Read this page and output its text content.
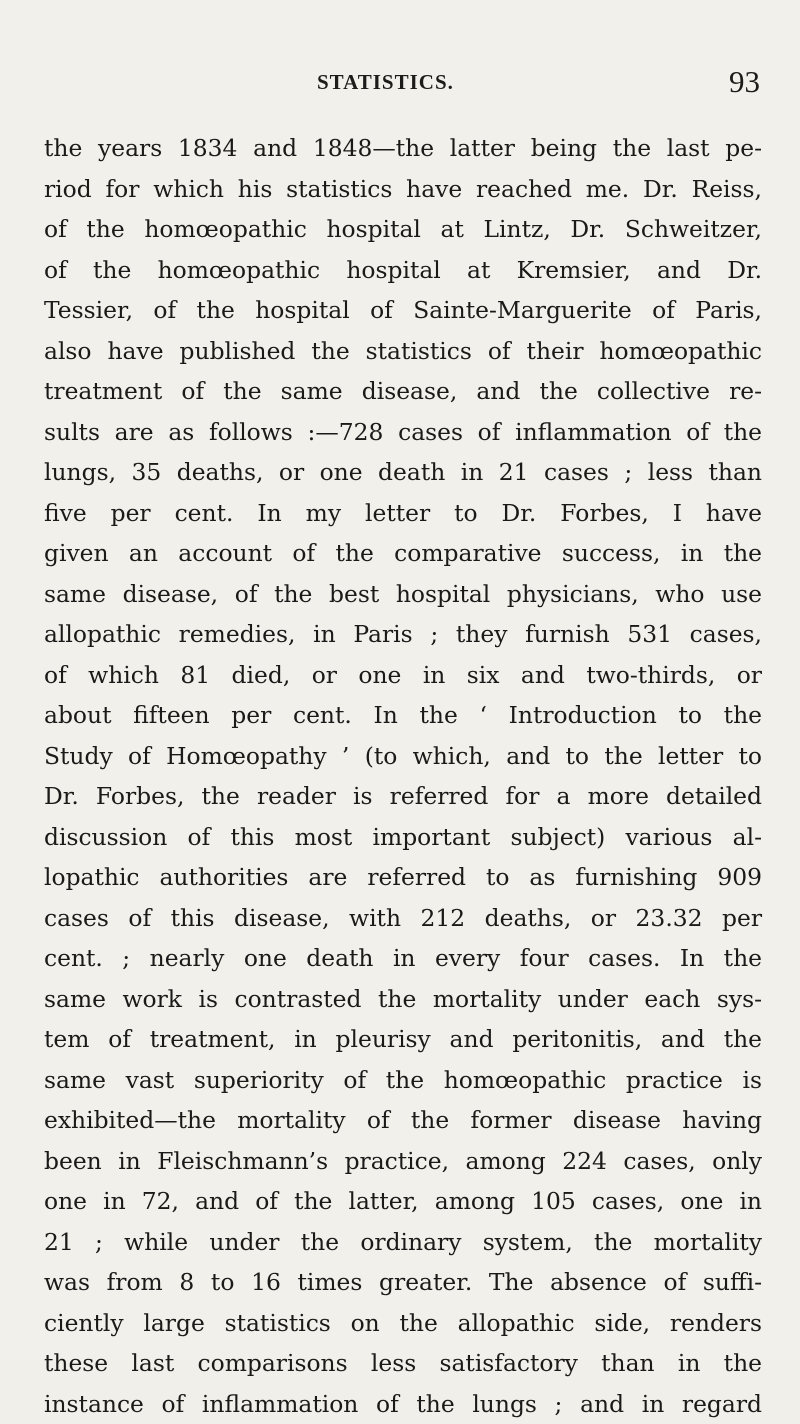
STATISTICS.	93
the years 1834 and 1848—the latter being the last pe-
riod for which his statistics have reached me. Dr. Reiss,
of the homœopathic hospital at Lintz, Dr. Schweitzer,
of the homœopathic hospital at Kremsier, and Dr.
Tessier, of the hospital of Sainte-Marguerite of Paris,
also have published the statistics of their homœopathic
treatment of the same disease, and the collective re-
sults are as follows :—728 cases of inflammation of the
lungs, 35 deaths, or one death in 21 cases ; less than
five per cent. In my letter to Dr. Forbes, I have
given an account of the comparative success, in the
same disease, of the best hospital physicians, who use
allopathic remedies, in Paris ; they furnish 531 cases,
of which 81 died, or one in six and two-thirds, or
about fifteen per cent. In the ‘ Introduction to the
Study of Homœopathy ’ (to which, and to the letter to
Dr. Forbes, the reader is referred for a more detailed
discussion of this most important subject) various al-
lopathic authorities are referred to as furnishing 909
cases of this disease, with 212 deaths, or 23.32 per
cent. ; nearly one death in every four cases. In the
same work is contrasted the mortality under each sys-
tem of treatment, in pleurisy and peritonitis, and the
same vast superiority of the homœopathic practice is
exhibited—the mortality of the former disease having
been in Fleischmann’s practice, among 224 cases, only
one in 72, and of the latter, among 105 cases, one in
21 ; while under the ordinary system, the mortality
was from 8 to 16 times greater. The absence of suffi-
ciently large statistics on the allopathic side, renders
these last comparisons less satisfactory than in the
instance of inflammation of the lungs ; and in regard
